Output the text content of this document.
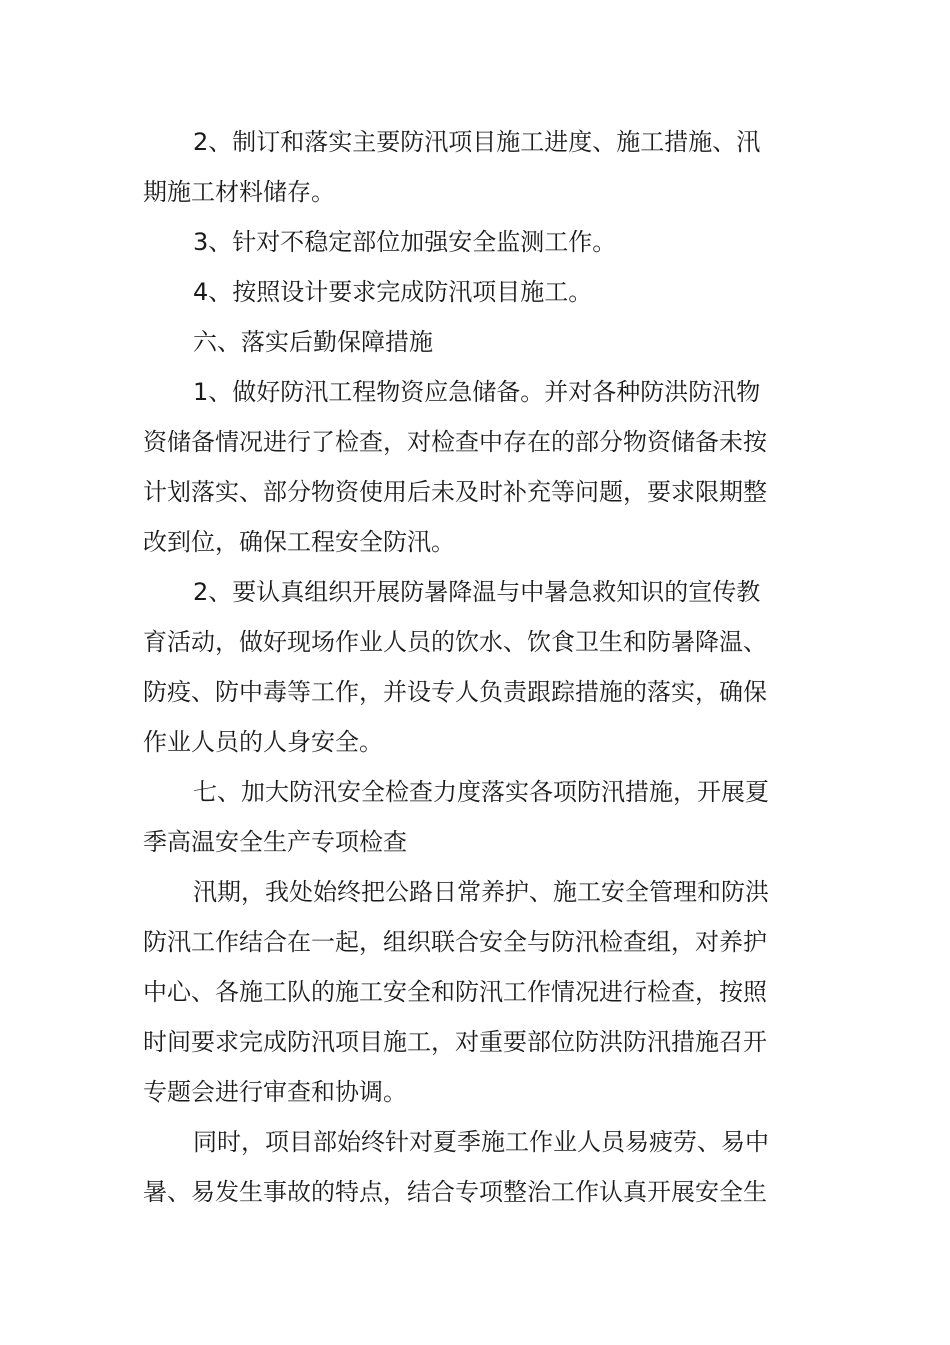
2、制订和落实主要防汛项目施工进度、施工措施、汛
期施工材料储存。
3、针对不稳定部位加强安全监测工作。
4、按照设计要求完成防汛项目施工。
六、落实后勤保障措施
1、做好防汛工程物资应急储备。并对各种防洪防汛物
资储备情况进行了检查，对检查中存在的部分物资储备未按
计划落实、部分物资使用后未及时补充等问题，要求限期整
改到位，确保工程安全防汛。
2、要认真组织开展防暑降温与中暑急救知识的宣传教
育活动，做好现场作业人员的饮水、饮食卫生和防暑降温、
防疫、防中毒等工作，并设专人负责跟踪措施的落实，确保
作业人员的人身安全。
七、加大防汛安全检查力度落实各项防汛措施，开展夏
季高温安全生产专项检查
汛期，我处始终把公路日常养护、施工安全管理和防洪
防汛工作结合在一起，组织联合安全与防汛检查组，对养护
中心、各施工队的施工安全和防汛工作情况进行检查，按照
时间要求完成防汛项目施工，对重要部位防洪防汛措施召开
专题会进行审查和协调。
同时，项目部始终针对夏季施工作业人员易疲劳、易中
暑、易发生事故的特点，结合专项整治工作认真开展安全生
